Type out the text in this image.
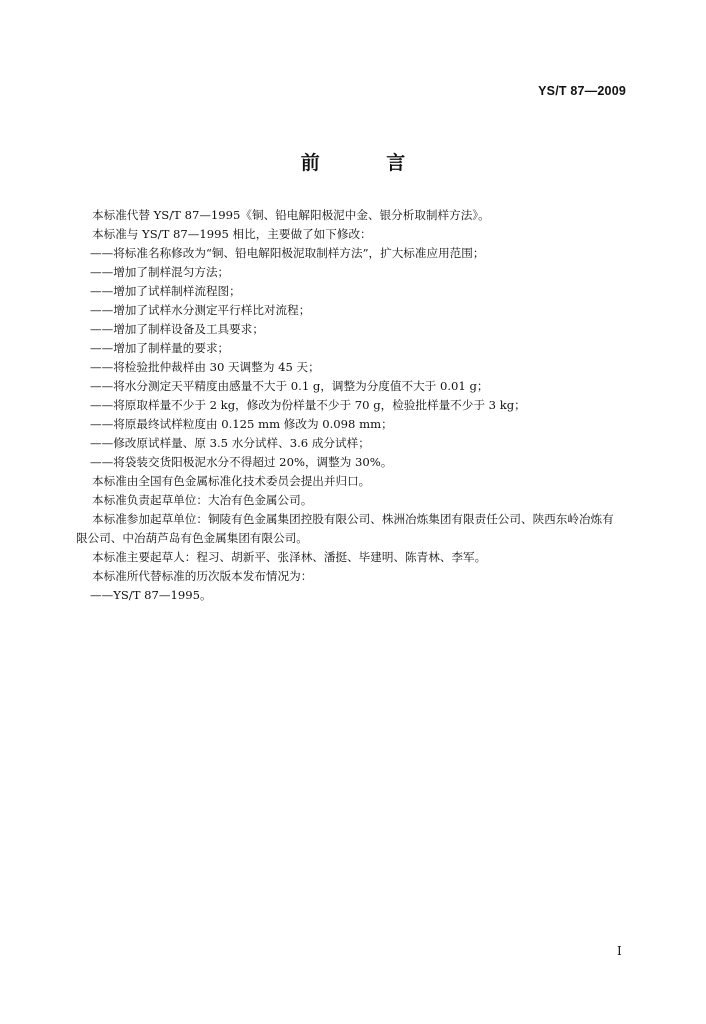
YS/T 87—2009
前 言

本标准代替 YS/T 87—1995《铜、铅电解阳极泥中金、银分析取制样方法》。

本标准与 YS/T 87—1995 相比，主要做了如下修改：

——将标准名称修改为“铜、铅电解阳极泥取制样方法”，扩大标准应用范围；

——增加了制样混匀方法；

——增加了试样制样流程图；

——增加了试样水分测定平行样比对流程；

——增加了制样设备及工具要求；

——增加了制样量的要求；

——将检验批仲裁样由 30 天调整为 45 天；

——将水分测定天平精度由感量不大于 0.1 g，调整为分度值不大于 0.01 g；

——将原取样量不少于 2 kg，修改为份样量不少于 70 g，检验批样量不少于 3 kg；

——将原最终试样粒度由 0.125 mm 修改为 0.098 mm；

——修改原试样量、原 3.5 水分试样、3.6 成分试样；

——将袋装交货阳极泥水分不得超过 20%，调整为 30%。

本标准由全国有色金属标准化技术委员会提出并归口。

本标准负责起草单位：大冶有色金属公司。

本标准参加起草单位：铜陵有色金属集团控股有限公司、株洲冶炼集团有限责任公司、陕西东岭冶炼有限公司、中冶葫芦岛有色金属集团有限公司。

本标准主要起草人：程习、胡新平、张泽林、潘挺、毕建明、陈青林、李军。

本标准所代替标准的历次版本发布情况为：

——YS/T 87—1995。

I
